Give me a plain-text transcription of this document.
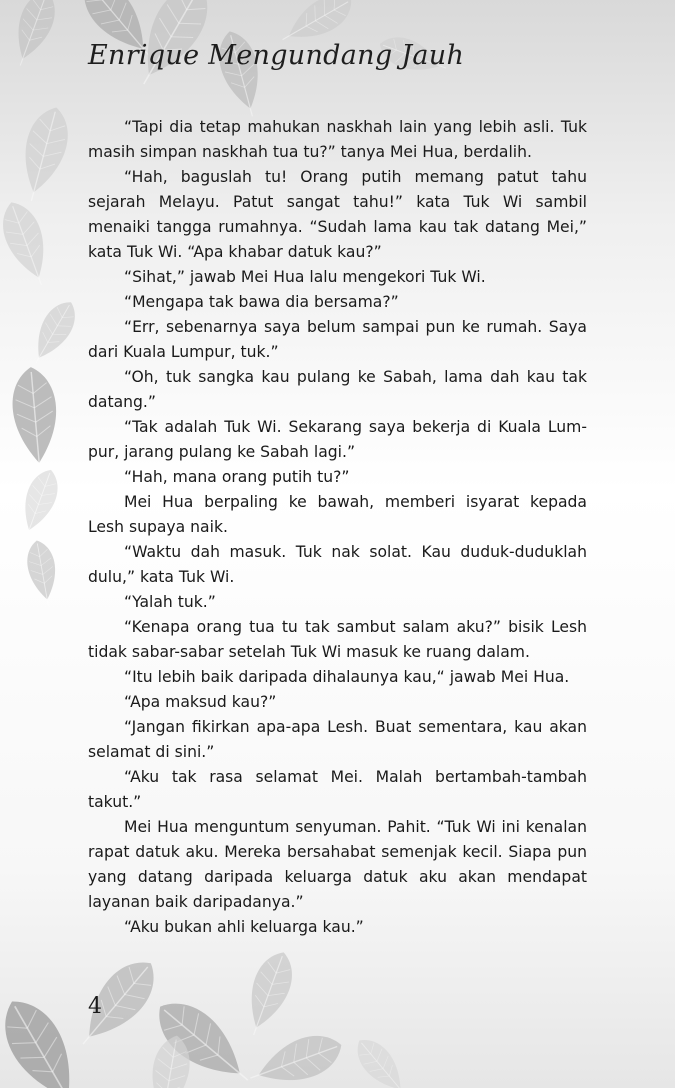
Enrique Mengundang Jauh

“Tapi dia tetap mahukan naskhah lain yang lebih asli. Tuk masih simpan naskhah tua tu?” tanya Mei Hua, berdalih.

“Hah, baguslah tu! Orang putih memang patut tahu sejarah Melayu. Patut sangat tahu!” kata Tuk Wi sambil menaiki tangga rumahnya. “Sudah lama kau tak datang Mei,” kata Tuk Wi. “Apa khabar datuk kau?”

“Sihat,” jawab Mei Hua lalu mengekori Tuk Wi.

“Mengapa tak bawa dia bersama?”

“Err, sebenarnya saya belum sampai pun ke rumah. Saya dari Kuala Lumpur, tuk.”

“Oh, tuk sangka kau pulang ke Sabah, lama dah kau tak datang.”

“Tak adalah Tuk Wi. Sekarang saya bekerja di Kuala Lum-pur, jarang pulang ke Sabah lagi.”

“Hah, mana orang putih tu?”

Mei Hua berpaling ke bawah, memberi isyarat kepada Lesh supaya naik.

“Waktu dah masuk. Tuk nak solat. Kau duduk-duduklah dulu,” kata Tuk Wi.

“Yalah tuk.”

“Kenapa orang tua tu tak sambut salam aku?” bisik Lesh tidak sabar-sabar setelah Tuk Wi masuk ke ruang dalam.

“Itu lebih baik daripada dihalaunya kau,“ jawab Mei Hua.

“Apa maksud kau?”

“Jangan fikirkan apa-apa Lesh. Buat sementara, kau akan selamat di sini.”

“Aku tak rasa selamat Mei. Malah bertambah-tambah takut.”

Mei Hua menguntum senyuman. Pahit. “Tuk Wi ini kenalan rapat datuk aku. Mereka bersahabat semenjak kecil. Siapa pun yang datang daripada keluarga datuk aku akan mendapat layanan baik daripadanya.”

“Aku bukan ahli keluarga kau.”

4
